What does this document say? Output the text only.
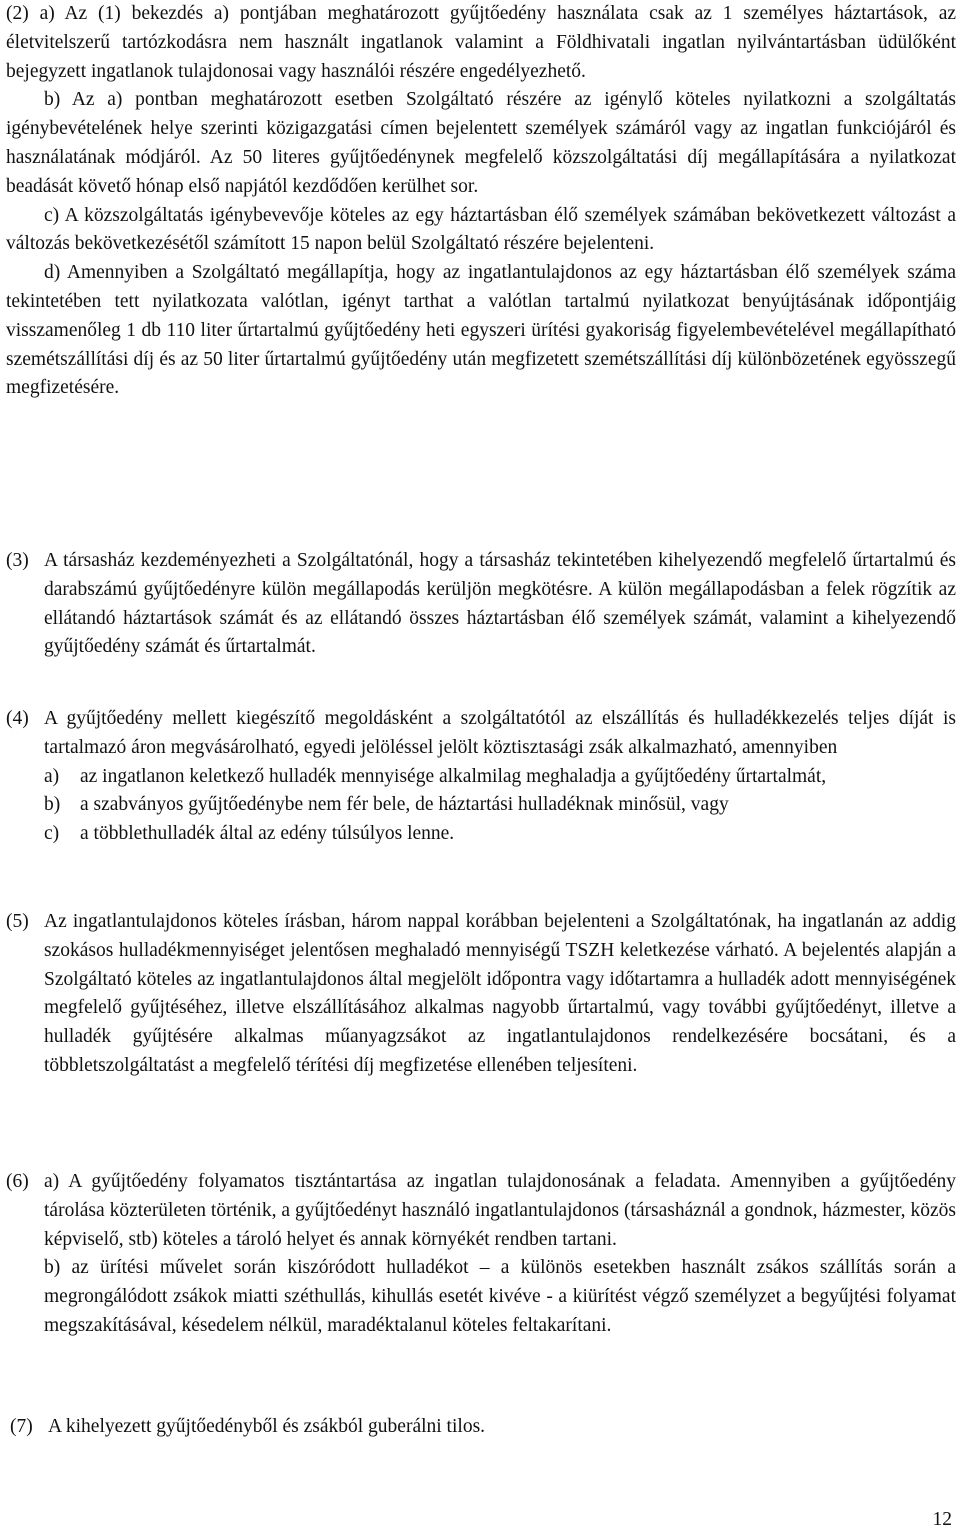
(2) a) Az (1) bekezdés a) pontjában meghatározott gyűjtőedény használata csak az 1 személyes háztartások, az életvitelszerű tartózkodásra nem használt ingatlanok valamint a Földhivatali ingatlan nyilvántartásban üdülőként bejegyzett ingatlanok tulajdonosai vagy használói részére engedélyezhető.

b) Az a) pontban meghatározott esetben Szolgáltató részére az igénylő köteles nyilatkozni a szolgáltatás igénybevételének helye szerinti közigazgatási címen bejelentett személyek számáról vagy az ingatlan funkciójáról és használatának módjáról. Az 50 literes gyűjtőedénynek megfelelő közszolgáltatási díj megállapítására a nyilatkozat beadását követő hónap első napjától kezdődően kerülhet sor.

c) A közszolgáltatás igénybevevője köteles az egy háztartásban élő személyek számában bekövetkezett változást a változás bekövetkezésétől számított 15 napon belül Szolgáltató részére bejelenteni.

d) Amennyiben a Szolgáltató megállapítja, hogy az ingatlantulajdonos az egy háztartásban élő személyek száma tekintetében tett nyilatkozata valótlan, igényt tarthat a valótlan tartalmú nyilatkozat benyújtásának időpontjáig visszamenőleg 1 db 110 liter űrtartalmú gyűjtőedény heti egyszeri ürítési gyakoriság figyelembevételével megállapítható szemétszállítási díj és az 50 liter űrtartalmú gyűjtőedény után megfizetett szemétszállítási díj különbözetének egyösszegű megfizetésére.

(3) A társasház kezdeményezheti a Szolgáltatónál, hogy a társasház tekintetében kihelyezendő megfelelő űrtartalmú és darabszámú gyűjtőedényre külön megállapodás kerüljön megkötésre. A külön megállapodásban a felek rögzítik az ellátandó háztartások számát és az ellátandó összes háztartásban élő személyek számát, valamint a kihelyezendő gyűjtőedény számát és űrtartalmát.

(4) A gyűjtőedény mellett kiegészítő megoldásként a szolgáltatótól az elszállítás és hulladékkezelés teljes díját is tartalmazó áron megvásárolható, egyedi jelöléssel jelölt köztisztasági zsák alkalmazható, amennyiben

a)	az ingatlanon keletkező hulladék mennyisége alkalmilag meghaladja a gyűjtőedény űrtartalmát,
b)	a szabványos gyűjtőedénybe nem fér bele, de háztartási hulladéknak minősül, vagy
c)	a többlethulladék által az edény túlsúlyos lenne.
(5) Az ingatlantulajdonos köteles írásban, három nappal korábban bejelenteni a Szolgáltatónak, ha ingatlanán az addig szokásos hulladékmennyiséget jelentősen meghaladó mennyiségű TSZH keletkezése várható. A bejelentés alapján a Szolgáltató köteles az ingatlantulajdonos által megjelölt időpontra vagy időtartamra a hulladék adott mennyiségének megfelelő gyűjtéséhez, illetve elszállításához alkalmas nagyobb űrtartalmú, vagy további gyűjtőedényt, illetve a hulladék gyűjtésére alkalmas műanyagzsákot az ingatlantulajdonos rendelkezésére bocsátani, és a többletszolgáltatást a megfelelő térítési díj megfizetése ellenében teljesíteni.

(6) a) A gyűjtőedény folyamatos tisztántartása az ingatlan tulajdonosának a feladata. Amennyiben a gyűjtőedény tárolása közterületen történik, a gyűjtőedényt használó ingatlantulajdonos (társasháznál a gondnok, házmester, közös képviselő, stb) köteles a tároló helyet és annak környékét rendben tartani.

b) az ürítési művelet során kiszóródott hulladékot – a különös esetekben használt zsákos szállítás során a megrongálódott zsákok miatti széthullás, kihullás esetét kivéve - a kiürítést végző személyzet a begyűjtési folyamat megszakításával, késedelem nélkül, maradéktalanul köteles feltakarítani.

(7) A kihelyezett gyűjtőedényből és zsákból guberálni tilos.

12
